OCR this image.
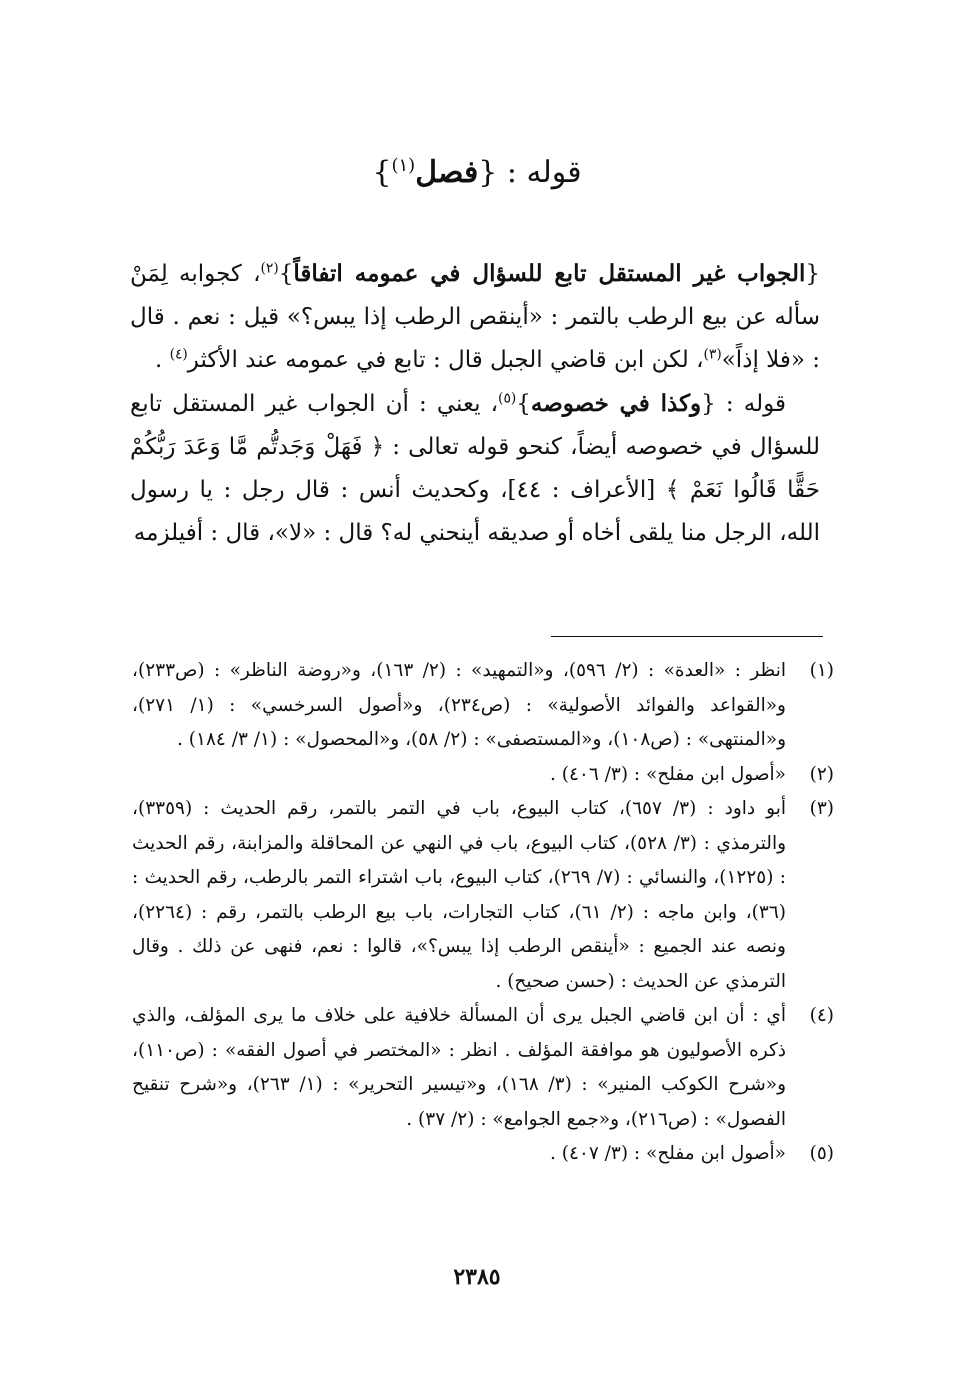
قوله : {فصل$^{(١)}$}

{الجواب غير المستقل تابع للسؤال في عمومه اتفاقاً}$^{(٢)}$، كجوابه لِمَنْ سأله عن بيع الرطب بالتمر : «أينقص الرطب إذا يبس؟» قيل : نعم . قال : «فلا إذاً»$^{(٣)}$، لكن ابن قاضي الجبل قال : تابع في عمومه عند الأكثر$^{(٤)}$ .

قوله : {وكذا في خصوصه}$^{(٥)}$، يعني : أن الجواب غير المستقل تابع للسؤال في خصوصه أيضاً، كنحو قوله تعالى : ﴿ فَهَلْ وَجَدتُّم مَّا وَعَدَ رَبُّكُمْ حَقًّا قَالُوا نَعَمْ ﴾ [الأعراف : ٤٤]، وكحديث أنس : قال رجل : يا رسول الله، الرجل منا يلقى أخاه أو صديقه أينحني له؟ قال : «لا»، قال : أفيلزمه

(١)
انظر : «العدة» : (٢/ ٥٩٦)، و«التمهيد» : (٢/ ١٦٣)، و«روضة الناظر» : (ص٢٣٣)، و«القواعد والفوائد الأصولية» : (ص٢٣٤)، و«أصول السرخسي» : (١/ ٢٧١)، و«المنتهى» : (ص١٠٨)، و«المستصفى» : (٢/ ٥٨)، و«المحصول» : (١/ ٣/ ١٨٤) .
(٢)
«أصول ابن مفلح» : (٣/ ٤٠٦) .
(٣)
أبو داود : (٣/ ٦٥٧)، كتاب البيوع، باب في التمر بالتمر، رقم الحديث : (٣٣٥٩)، والترمذي : (٣/ ٥٢٨)، كتاب البيوع، باب في النهي عن المحاقلة والمزابنة، رقم الحديث : (١٢٢٥)، والنسائي : (٧/ ٢٦٩)، كتاب البيوع، باب اشتراء التمر بالرطب، رقم الحديث : (٣٦)، وابن ماجه : (٢/ ٦١)، كتاب التجارات، باب بيع الرطب بالتمر، رقم : (٢٢٦٤)، ونصه عند الجميع : «أينقص الرطب إذا يبس؟»، قالوا : نعم، فنهى عن ذلك . وقال الترمذي عن الحديث : (حسن صحيح) .
(٤)
أي : أن ابن قاضي الجبل يرى أن المسألة خلافية على خلاف ما يرى المؤلف، والذي ذكره الأصوليون هو موافقة المؤلف . انظر : «المختصر في أصول الفقه» : (ص١١٠)، و«شرح الكوكب المنير» : (٣/ ١٦٨)، و«تيسير التحرير» : (١/ ٢٦٣)، و«شرح تنقيح الفصول» : (ص٢١٦)، و«جمع الجوامع» : (٢/ ٣٧) .
(٥)
«أصول ابن مفلح» : (٣/ ٤٠٧) .
٢٣٨٥
